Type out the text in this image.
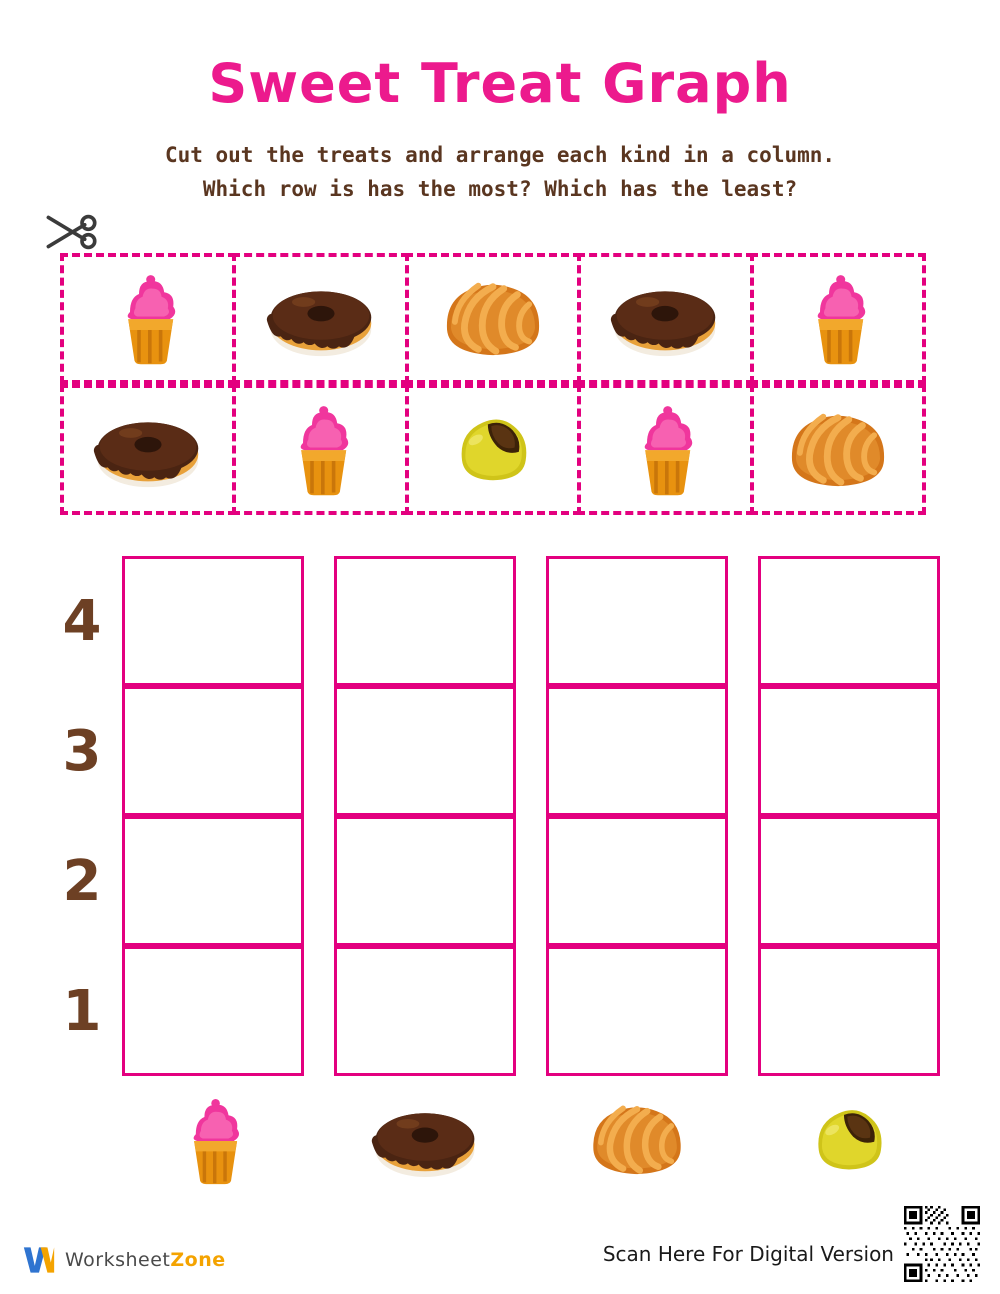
Sweet Treat Graph
Cut out the treats and arrange each kind in a column.
Which row is has the most? Which has the least?
4
3
2
1
WorksheetZone	Scan Here For Digital Version
